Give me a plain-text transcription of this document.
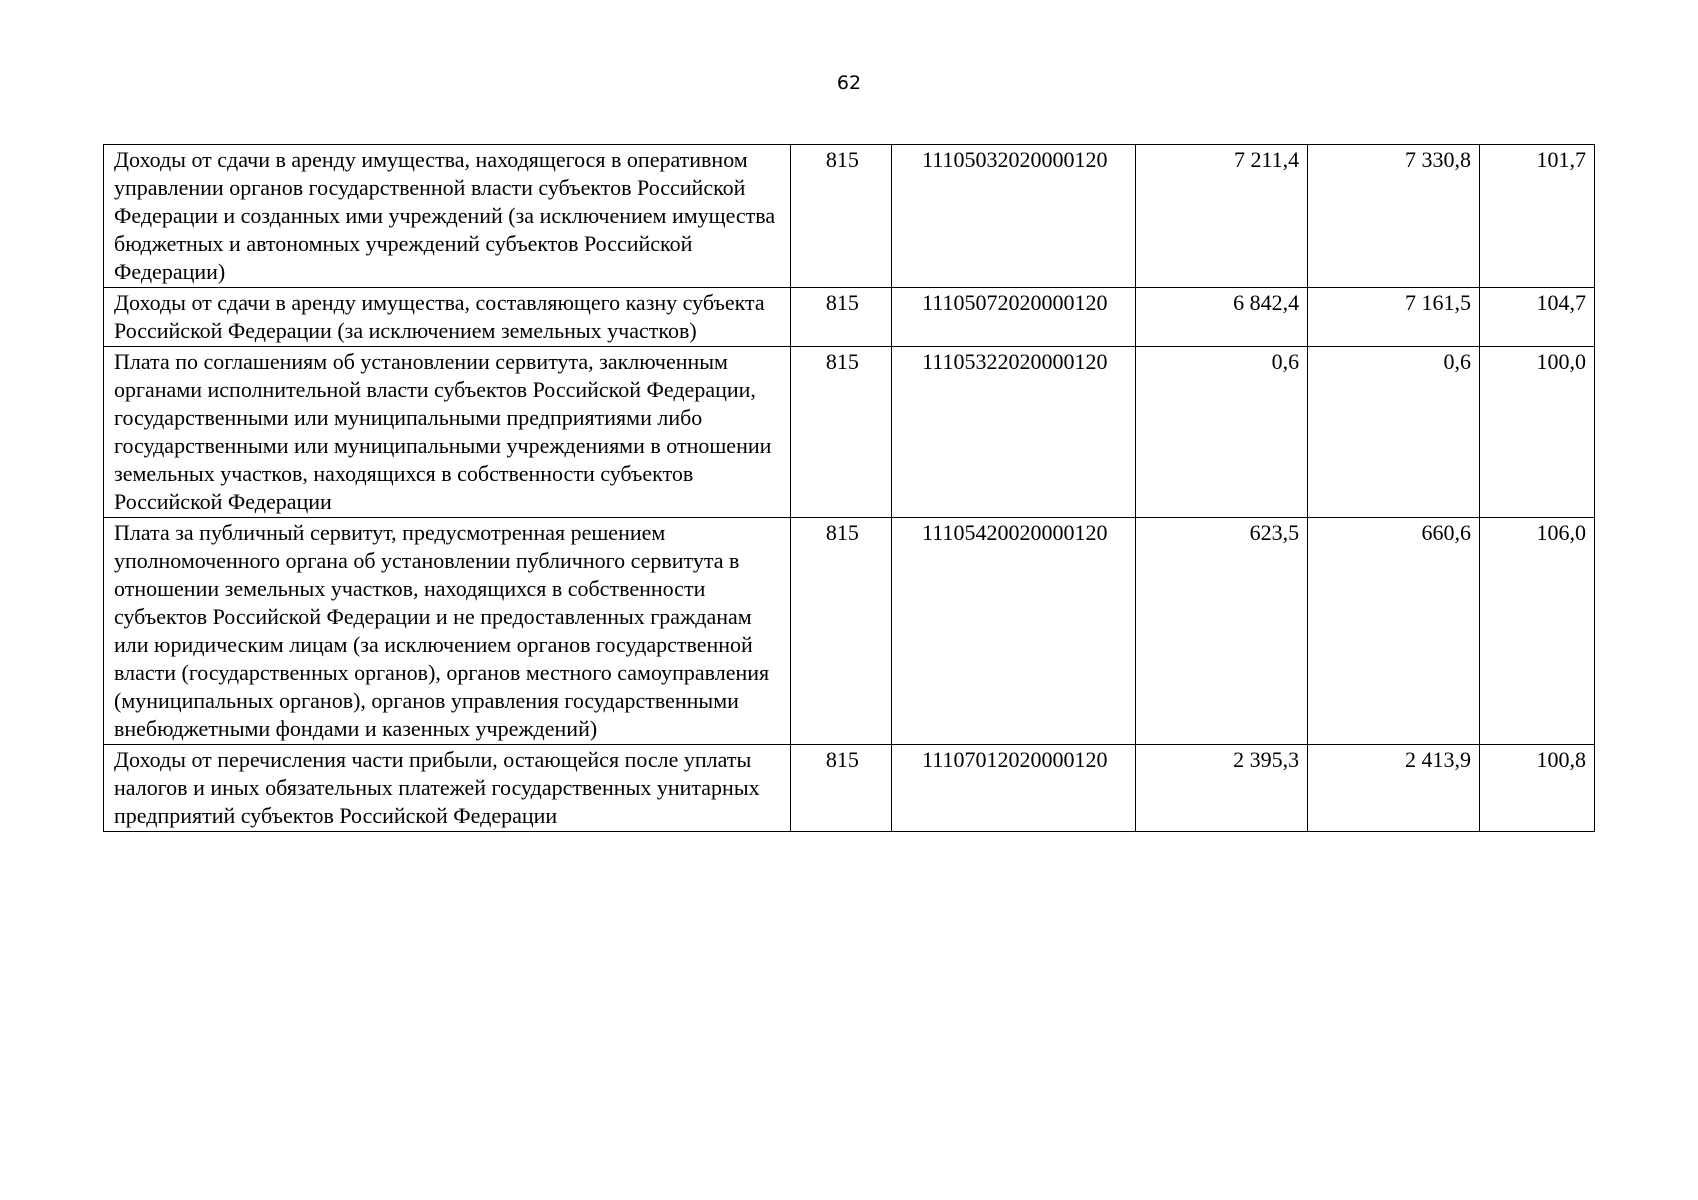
62
Доходы от сдачи в аренду имущества, находящегося в оперативном управлении органов государственной власти субъектов Российской Федерации и созданных ими учреждений (за исключением имущества бюджетных и автономных учреждений субъектов Российской Федерации)	815	11105032020000120	7 211,4	7 330,8	101,7
Доходы от сдачи в аренду имущества, составляющего казну субъекта Российской Федерации (за исключением земельных участков)	815	11105072020000120	6 842,4	7 161,5	104,7
Плата по соглашениям об установлении сервитута, заключенным органами исполнительной власти субъектов Российской Федерации, государственными или муниципальными предприятиями либо государственными или муниципальными учреждениями в отношении земельных участков, находящихся в собственности субъектов Российской Федерации	815	11105322020000120	0,6	0,6	100,0
Плата за публичный сервитут, предусмотренная решением уполномоченного органа об установлении публичного сервитута в отношении земельных участков, находящихся в собственности субъектов Российской Федерации и не предоставленных гражданам или юридическим лицам (за исключением органов государственной власти (государственных органов), органов местного самоуправления (муниципальных органов), органов управления государственными внебюджетными фондами и казенных учреждений)	815	11105420020000120	623,5	660,6	106,0
Доходы от перечисления части прибыли, остающейся после уплаты налогов и иных обязательных платежей государственных унитарных предприятий субъектов Российской Федерации	815	11107012020000120	2 395,3	2 413,9	100,8
